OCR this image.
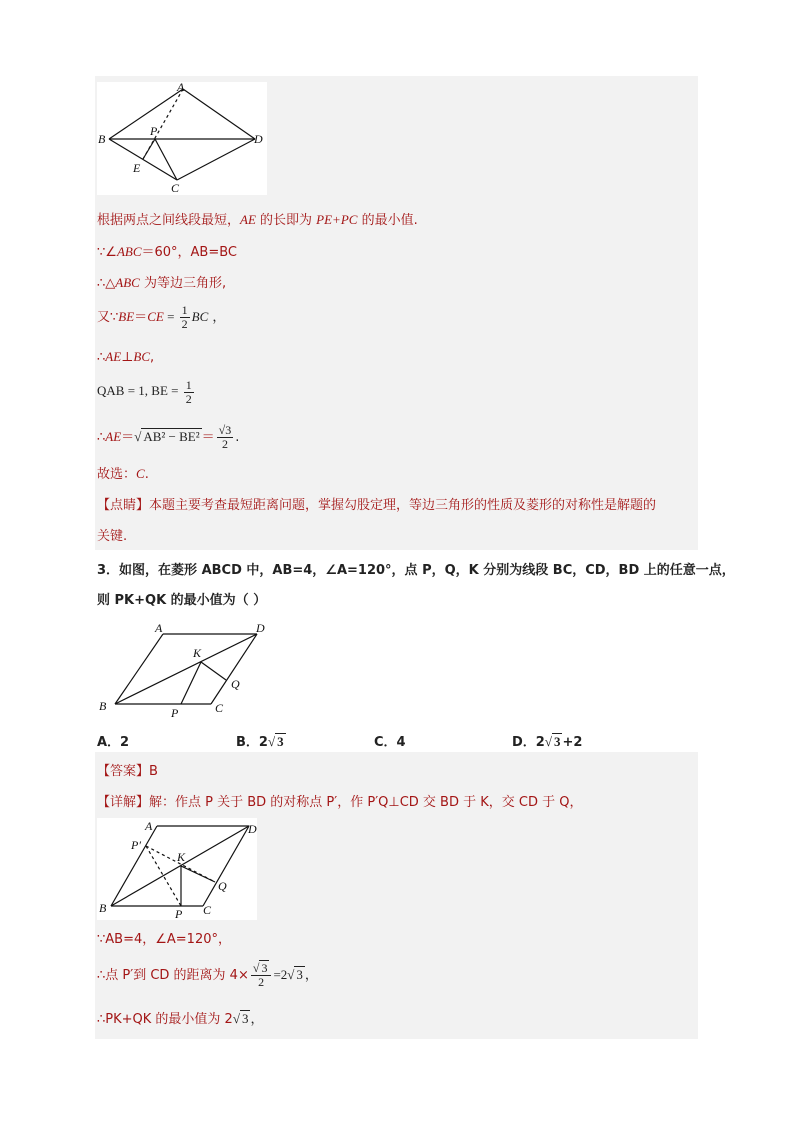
A
B
P
D
E
C
根据两点之间线段最短，AE 的长即为 PE+PC 的最小值.
∵∠ABC＝60°，AB=BC
∴△ABC 为等边三角形,
又∵BE＝CE = $\frac{1}{2}$ BC ，
∴AE⊥BC,
QAB = 1, BE = $\frac{1}{2}$
∴AE＝√ $AB^2 - BE^2 = \frac{√3}{2}$ .
故选：C.
【点睛】本题主要考查最短距离问题，掌握勾股定理，等边三角形的性质及菱形的对称性是解题的
关键.
3．如图，在菱形 ABCD 中，AB=4，∠A=120°，点 P，Q，K 分别为线段 BC，CD，BD 上的任意一点，
则 PK+QK 的最小值为（ ）
A	D
K
Q
B	P	C
A．2	B．2√ 3	C．4	D．2√ 3 +2
【答案】B
【详解】解：作点 P 关于 BD 的对称点 P′，作 P′Q⊥CD 交 BD 于 K，交 CD 于 Q，
A
P′
K
D
Q
B	P C
∵AB=4，∠A=120°，
∴点 P′到 CD 的距离为 $4\times \frac{√ 3}{2} =2√$ 3 ，
∴PK+QK 的最小值为 2√ 3 ，
